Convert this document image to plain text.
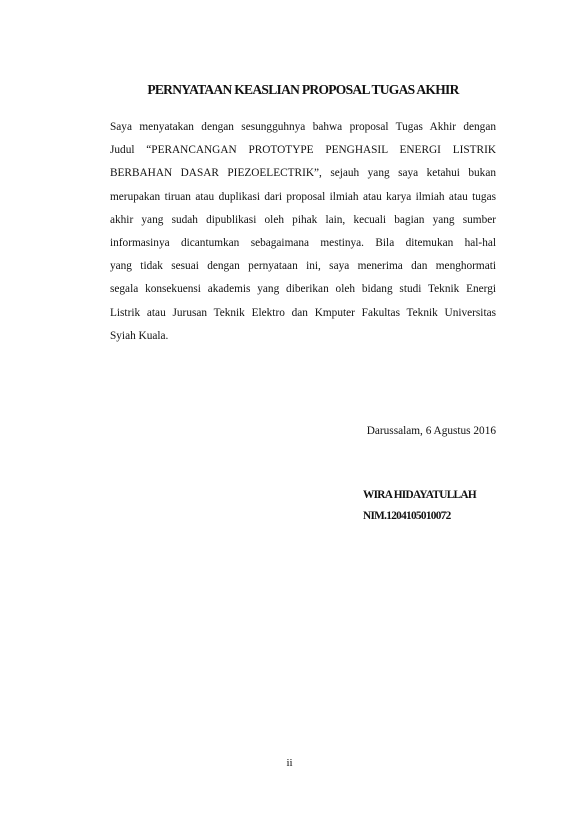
PERNYATAAN KEASLIAN PROPOSAL TUGAS AKHIR
Saya menyatakan dengan sesungguhnya bahwa proposal Tugas Akhir dengan
Judul “PERANCANGAN PROTOTYPE PENGHASIL ENERGI LISTRIK
BERBAHAN DASAR PIEZOELECTRIK”, sejauh yang saya ketahui bukan
merupakan tiruan atau duplikasi dari proposal ilmiah atau karya ilmiah atau tugas
akhir yang sudah dipublikasi oleh pihak lain, kecuali bagian yang sumber
informasinya dicantumkan sebagaimana mestinya. Bila ditemukan hal-hal
yang tidak sesuai dengan pernyataan ini, saya menerima dan menghormati
segala konsekuensi akademis yang diberikan oleh bidang studi Teknik Energi
Listrik atau Jurusan Teknik Elektro dan Kmputer Fakultas Teknik Universitas
Syiah Kuala.
Darussalam, 6 Agustus 2016
WIRA HIDAYATULLAH
NIM.1204105010072
ii
